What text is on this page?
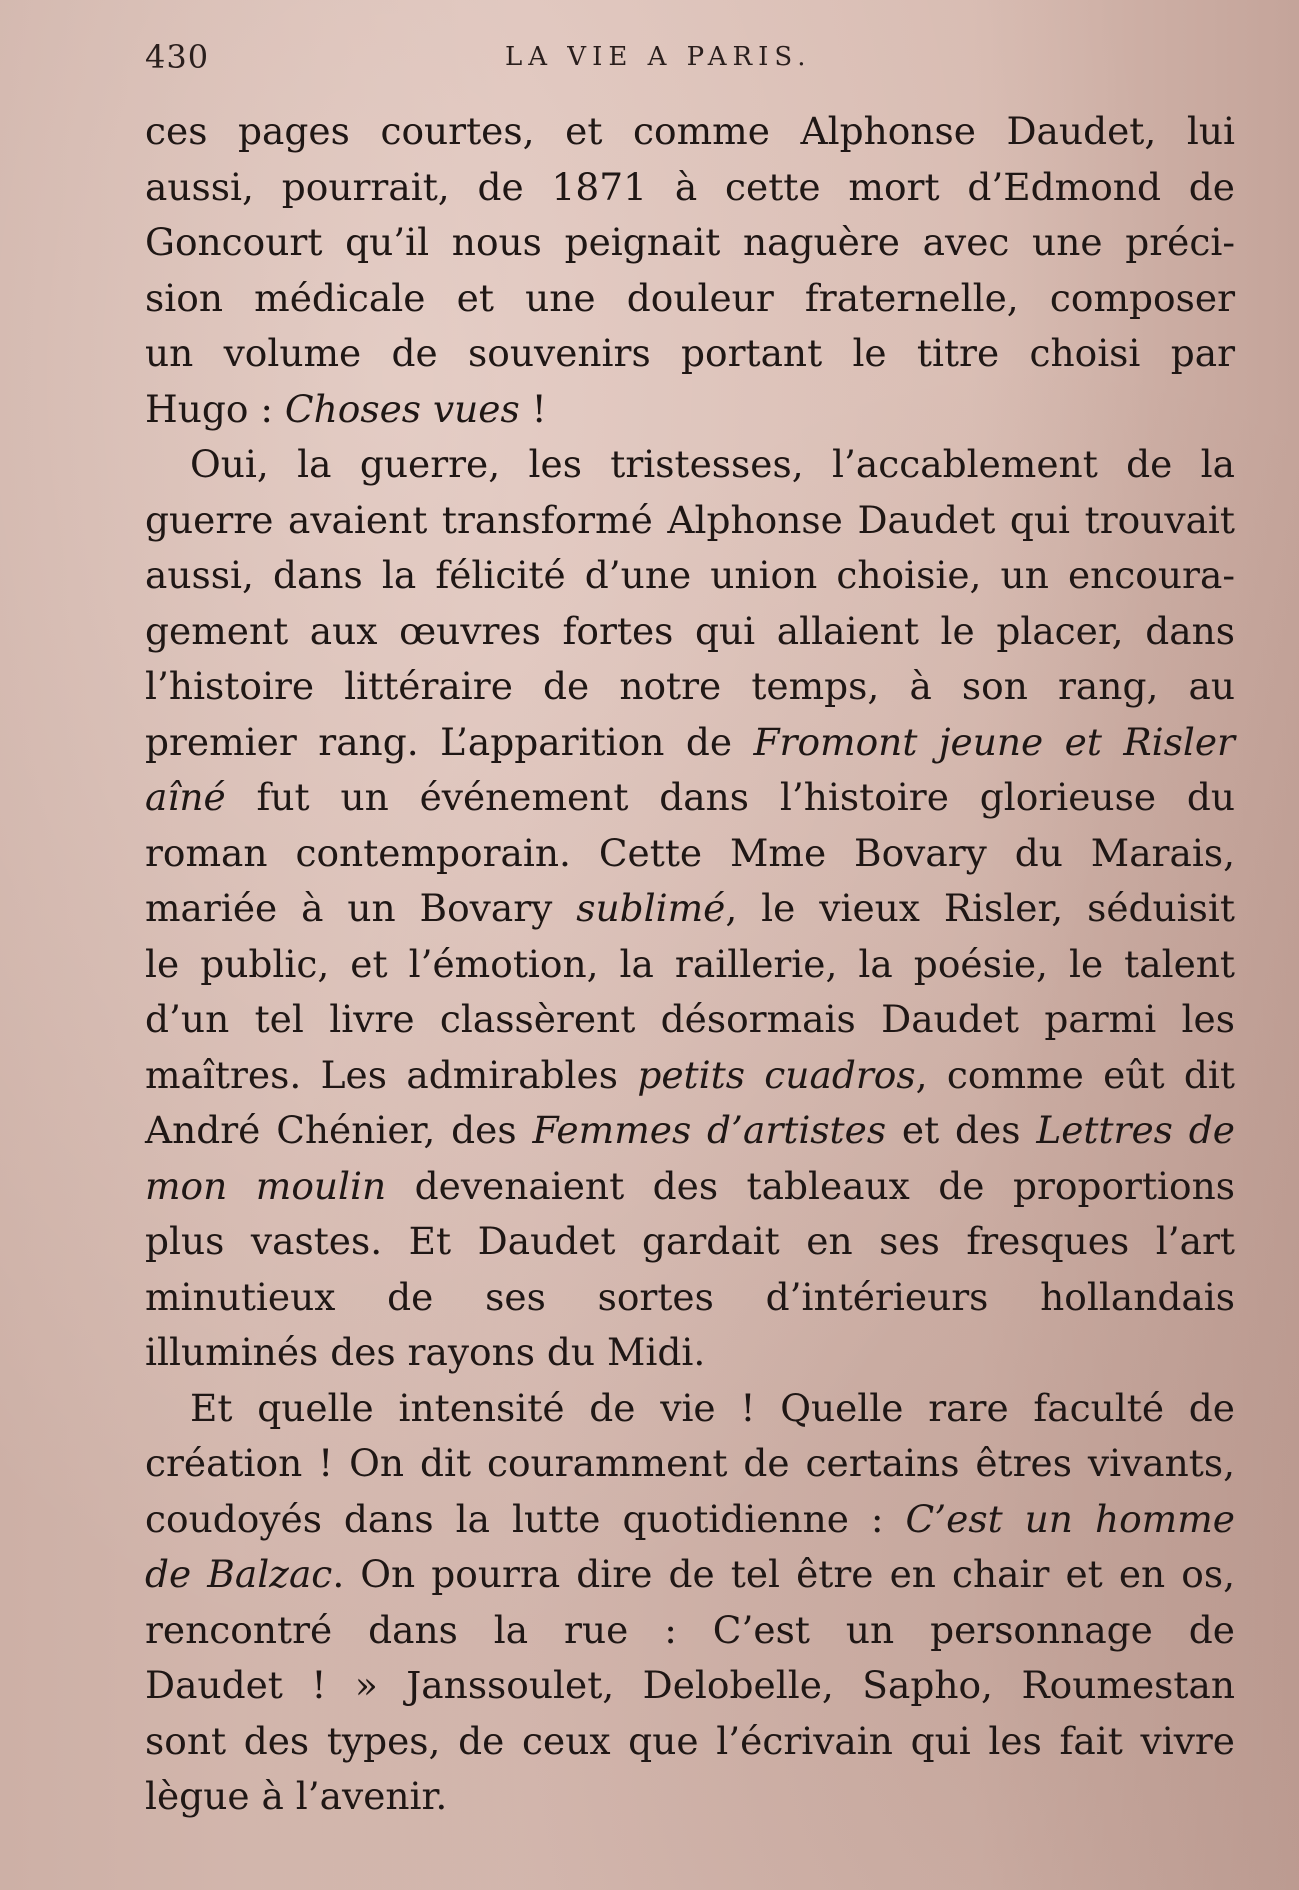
430	LA VIE A PARIS.
ces pages courtes, et comme Alphonse Daudet, lui
aussi, pourrait, de 1871 à cette mort d’Edmond de
Goncourt qu’il nous peignait naguère avec une préci-
sion médicale et une douleur fraternelle, composer
un volume de souvenirs portant le titre choisi par
Hugo : Choses vues !
Oui, la guerre, les tristesses, l’accablement de la
guerre avaient transformé Alphonse Daudet qui trouvait
aussi, dans la félicité d’une union choisie, un encoura-
gement aux œuvres fortes qui allaient le placer, dans
l’histoire littéraire de notre temps, à son rang, au
premier rang. L’apparition de Fromont jeune et Risler
aîné fut un événement dans l’histoire glorieuse du
roman contemporain. Cette Mme Bovary du Marais,
mariée à un Bovary sublimé, le vieux Risler, séduisit
le public, et l’émotion, la raillerie, la poésie, le talent
d’un tel livre classèrent désormais Daudet parmi les
maîtres. Les admirables petits cuadros, comme eût dit
André Chénier, des Femmes d’artistes et des Lettres de
mon moulin devenaient des tableaux de proportions
plus vastes. Et Daudet gardait en ses fresques l’art
minutieux de ses sortes d’intérieurs hollandais
illuminés des rayons du Midi.
Et quelle intensité de vie ! Quelle rare faculté de
création ! On dit couramment de certains êtres vivants,
coudoyés dans la lutte quotidienne : C’est un homme
de Balzac. On pourra dire de tel être en chair et en os,
rencontré dans la rue : C’est un personnage de
Daudet ! » Janssoulet, Delobelle, Sapho, Roumestan
sont des types, de ceux que l’écrivain qui les fait vivre
lègue à l’avenir.
